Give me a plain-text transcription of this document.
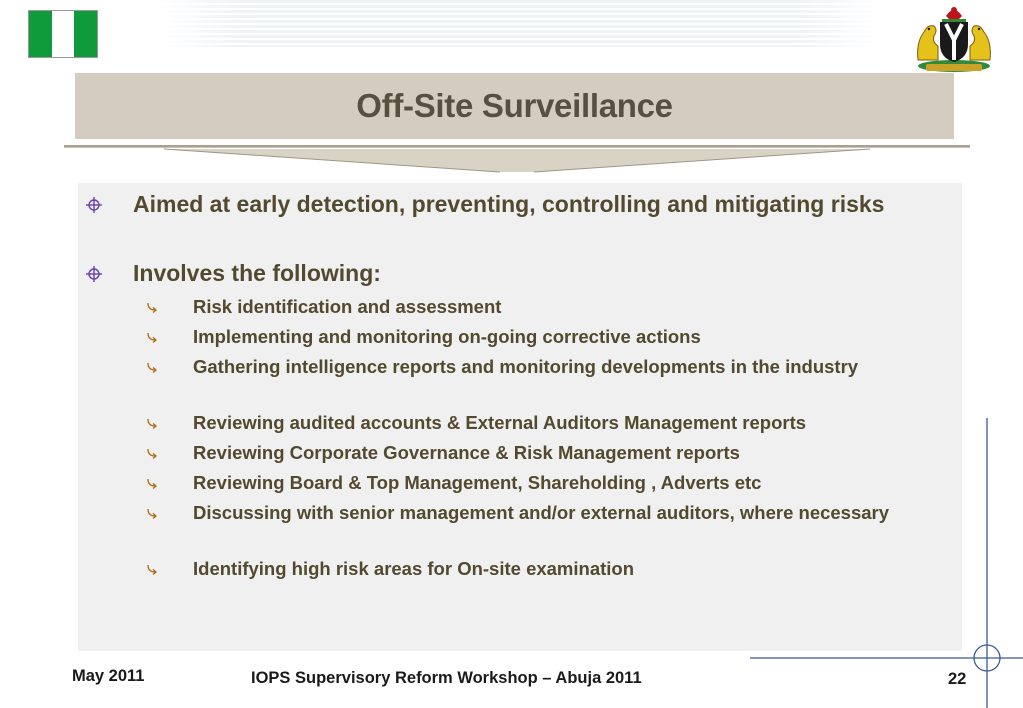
Off-Site Surveillance
Aimed at early detection, preventing, controlling and mitigating risks
Involves the following:
Risk identification and assessment
Implementing and monitoring on-going corrective actions
Gathering intelligence reports and monitoring developments in the industry
Reviewing audited accounts & External Auditors Management reports
Reviewing Corporate Governance & Risk Management reports
Reviewing Board & Top Management, Shareholding , Adverts etc
Discussing with senior management and/or external auditors, where necessary
Identifying high risk areas for On-site examination
May 2011	IOPS Supervisory Reform Workshop – Abuja 2011	22
